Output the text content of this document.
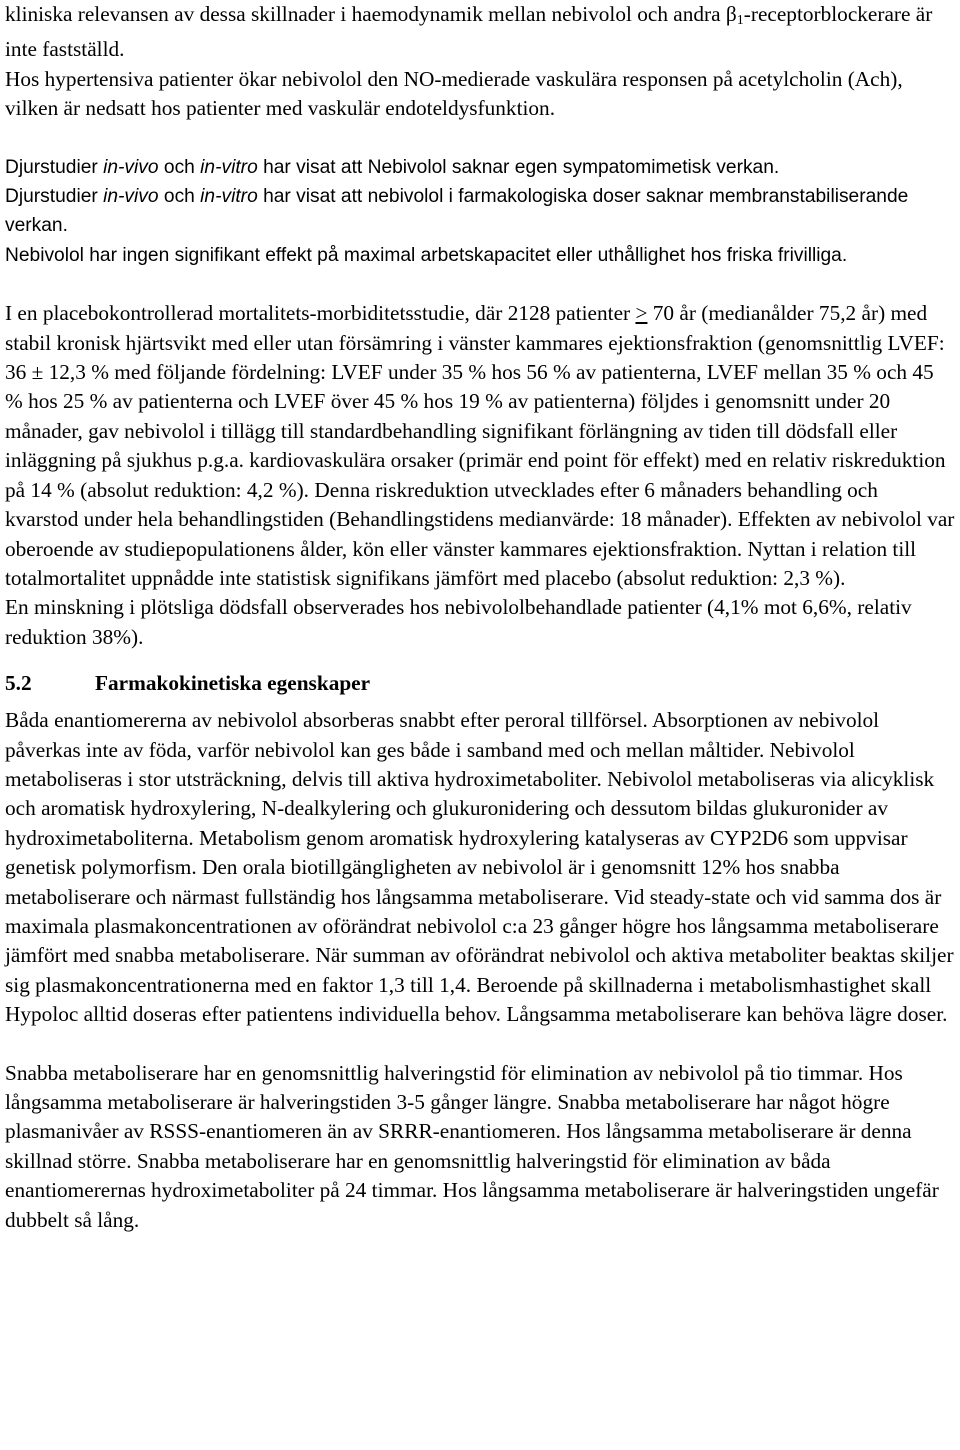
kliniska relevansen av dessa skillnader i haemodynamik mellan nebivolol och andra $\beta_1$-receptorblockerare är inte fastställd.

Hos hypertensiva patienter ökar nebivolol den NO-medierade vaskulära responsen på acetylcholin (Ach), vilken är nedsatt hos patienter med vaskulär endoteldysfunktion.

Djurstudier in-vivo och in-vitro har visat att Nebivolol saknar egen sympatomimetisk verkan.

Djurstudier in-vivo och in-vitro har visat att nebivolol i farmakologiska doser saknar membranstabiliserande verkan.

Nebivolol har ingen signifikant effekt på maximal arbetskapacitet eller uthållighet hos friska frivilliga.

I en placebokontrollerad mortalitets-morbiditetsstudie, där 2128 patienter ≥ 70 år (medianålder 75,2 år) med stabil kronisk hjärtsvikt med eller utan försämring i vänster kammares ejektionsfraktion (genomsnittlig LVEF: 36 ± 12,3 % med följande fördelning: LVEF under 35 % hos 56 % av patienterna, LVEF mellan 35 % och 45 % hos 25 % av patienterna och LVEF över 45 % hos 19 % av patienterna) följdes i genomsnitt under 20 månader, gav nebivolol i tillägg till standardbehandling signifikant förlängning av tiden till dödsfall eller inläggning på sjukhus p.g.a. kardiovaskulära orsaker (primär end point för effekt) med en relativ riskreduktion på 14 % (absolut reduktion: 4,2 %). Denna riskreduktion utvecklades efter 6 månaders behandling och kvarstod under hela behandlingstiden (Behandlingstidens medianvärde: 18 månader). Effekten av nebivolol var oberoende av studiepopulationens ålder, kön eller vänster kammares ejektionsfraktion. Nyttan i relation till totalmortalitet uppnådde inte statistisk signifikans jämfört med placebo (absolut reduktion: 2,3 %).

En minskning i plötsliga dödsfall observerades hos nebivololbehandlade patienter (4,1% mot 6,6%, relativ reduktion 38%).

5.2	Farmakokinetiska egenskaper

Båda enantiomererna av nebivolol absorberas snabbt efter peroral tillförsel. Absorptionen av nebivolol påverkas inte av föda, varför nebivolol kan ges både i samband med och mellan måltider. Nebivolol metaboliseras i stor utsträckning, delvis till aktiva hydroximetaboliter. Nebivolol metaboliseras via alicyklisk och aromatisk hydroxylering, N-dealkylering och glukuronidering och dessutom bildas glukuronider av hydroximetaboliterna. Metabolism genom aromatisk hydroxylering katalyseras av CYP2D6 som uppvisar genetisk polymorfism. Den orala biotillgängligheten av nebivolol är i genomsnitt 12% hos snabba metaboliserare och närmast fullständig hos långsamma metaboliserare. Vid steady-state och vid samma dos är maximala plasmakoncentrationen av oförändrat nebivolol c:a 23 gånger högre hos långsamma metaboliserare jämfört med snabba metaboliserare. När summan av oförändrat nebivolol och aktiva metaboliter beaktas skiljer sig plasmakoncentrationerna med en faktor 1,3 till 1,4. Beroende på skillnaderna i metabolismhastighet skall Hypoloc alltid doseras efter patientens individuella behov. Långsamma metaboliserare kan behöva lägre doser.

Snabba metaboliserare har en genomsnittlig halveringstid för elimination av nebivolol på tio timmar. Hos långsamma metaboliserare är halveringstiden 3-5 gånger längre. Snabba metaboliserare har något högre plasmanivåer av RSSS-enantiomeren än av SRRR-enantiomeren. Hos långsamma metaboliserare är denna skillnad större. Snabba metaboliserare har en genomsnittlig halveringstid för elimination av båda enantiomerernas hydroximetaboliter på 24 timmar. Hos långsamma metaboliserare är halveringstiden ungefär dubbelt så lång.
